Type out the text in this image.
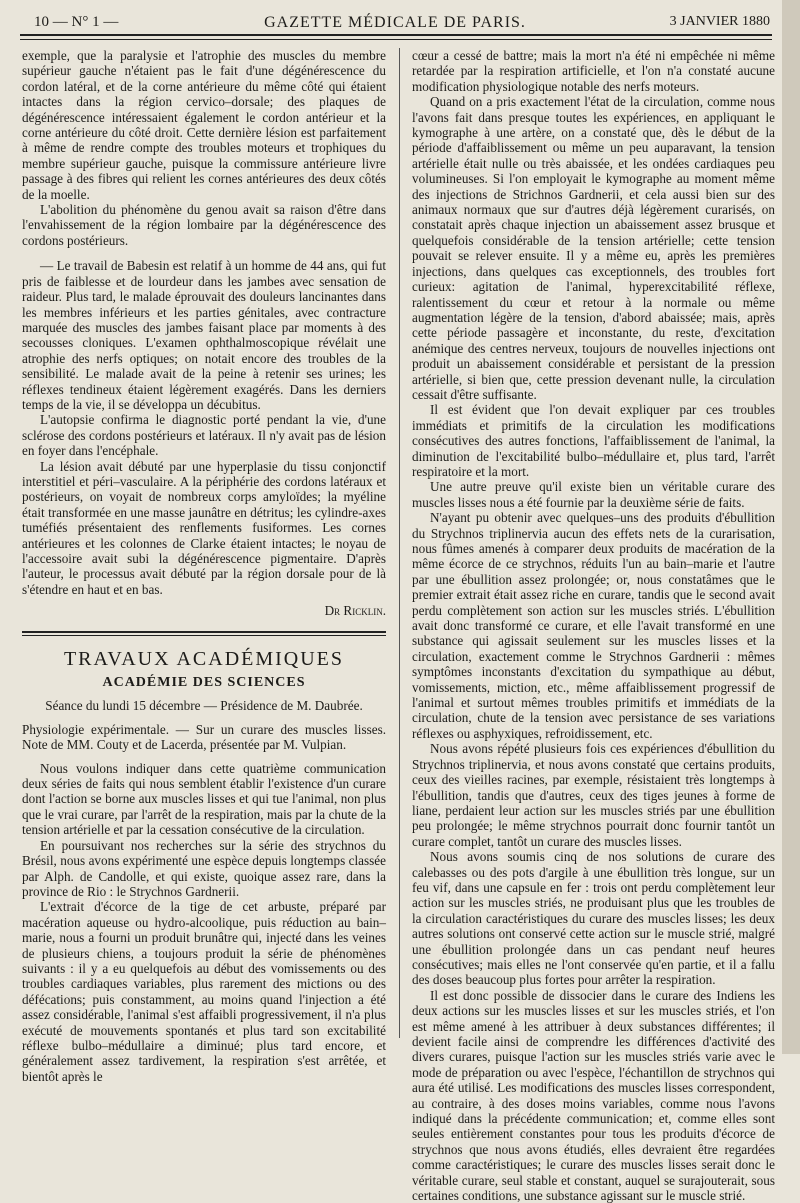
10 — N° 1 —	GAZETTE MÉDICALE DE PARIS.	3 JANVIER 1880

exemple, que la paralysie et l'atrophie des muscles du membre supérieur gauche n'étaient pas le fait d'une dégénérescence du cordon latéral, et de la corne antérieure du même côté qui étaient intactes dans la région cervico–dorsale; des plaques de dégénérescence intéressaient également le cordon antérieur et la corne antérieure du côté droit. Cette dernière lésion est parfaitement à même de rendre compte des troubles moteurs et trophiques du membre supérieur gauche, puisque la commissure antérieure livre passage à des fibres qui relient les cornes antérieures des deux côtés de la moelle.

L'abolition du phénomène du genou avait sa raison d'être dans l'envahissement de la région lombaire par la dégénérescence des cordons postérieurs.

— Le travail de Babesin est relatif à un homme de 44 ans, qui fut pris de faiblesse et de lourdeur dans les jambes avec sensation de raideur. Plus tard, le malade éprouvait des douleurs lancinantes dans les membres inférieurs et les parties génitales, avec contracture marquée des muscles des jambes faisant place par moments à des secousses cloniques. L'examen ophthalmoscopique révélait une atrophie des nerfs optiques; on notait encore des troubles de la sensibilité. Le malade avait de la peine à retenir ses urines; les réflexes tendineux étaient légèrement exagérés. Dans les derniers temps de la vie, il se développa un décubitus.

L'autopsie confirma le diagnostic porté pendant la vie, d'une sclérose des cordons postérieurs et latéraux. Il n'y avait pas de lésion en foyer dans l'encéphale.

La lésion avait débuté par une hyperplasie du tissu conjonctif interstitiel et péri–vasculaire. A la périphérie des cordons latéraux et postérieurs, on voyait de nombreux corps amyloïdes; la myéline était transformée en une masse jaunâtre en détritus; les cylindre-axes tuméfiés présentaient des renflements fusiformes. Les cornes antérieures et les colonnes de Clarke étaient intactes; le noyau de l'accessoire avait subi la dégénérescence pigmentaire. D'après l'auteur, le processus avait débuté par la région dorsale pour de là s'étendre en haut et en bas.

Dr Ricklin.
TRAVAUX ACADÉMIQUES
ACADÉMIE DES SCIENCES
Séance du lundi 15 décembre — Présidence de M. Daubrée.

Physiologie expérimentale. — Sur un curare des muscles lisses. Note de MM. Couty et de Lacerda, présentée par M. Vulpian.

Nous voulons indiquer dans cette quatrième communication deux séries de faits qui nous semblent établir l'existence d'un curare dont l'action se borne aux muscles lisses et qui tue l'animal, non plus que le vrai curare, par l'arrêt de la respiration, mais par la chute de la tension artérielle et par la cessation consécutive de la circulation.

En poursuivant nos recherches sur la série des strychnos du Brésil, nous avons expérimenté une espèce depuis longtemps classée par Alph. de Candolle, et qui existe, quoique assez rare, dans la province de Rio : le Strychnos Gardnerii.

L'extrait d'écorce de la tige de cet arbuste, préparé par macération aqueuse ou hydro-alcoolique, puis réduction au bain–marie, nous a fourni un produit brunâtre qui, injecté dans les veines de plusieurs chiens, a toujours produit la série de phénomènes suivants : il y a eu quelquefois au début des vomissements ou des troubles cardiaques variables, plus rarement des mictions ou des défécations; puis constamment, au moins quand l'injection a été assez considérable, l'animal s'est affaibli progressivement, il n'a plus exécuté de mouvements spontanés et plus tard son excitabilité réflexe bulbo–médullaire a diminué; plus tard encore, et généralement assez tardivement, la respiration s'est arrêtée, et bientôt après le

cœur a cessé de battre; mais la mort n'a été ni empêchée ni même retardée par la respiration artificielle, et l'on n'a constaté aucune modification physiologique notable des nerfs moteurs.

Quand on a pris exactement l'état de la circulation, comme nous l'avons fait dans presque toutes les expériences, en appliquant le kymographe à une artère, on a constaté que, dès le début de la période d'affaiblissement ou même un peu auparavant, la tension artérielle était nulle ou très abaissée, et les ondées cardiaques peu volumineuses. Si l'on employait le kymographe au moment même des injections de Strichnos Gardnerii, et cela aussi bien sur des animaux normaux que sur d'autres déjà légèrement curarisés, on constatait après chaque injection un abaissement assez brusque et quelquefois considérable de la tension artérielle; cette tension pouvait se relever ensuite. Il y a même eu, après les premières injections, dans quelques cas exceptionnels, des troubles fort curieux: agitation de l'animal, hyperexcitabilité réflexe, ralentissement du cœur et retour à la normale ou même augmentation légère de la tension, d'abord abaissée; mais, après cette période passagère et inconstante, du reste, d'excitation anémique des centres nerveux, toujours de nouvelles injections ont produit un abaissement considérable et persistant de la pression artérielle, si bien que, cette pression devenant nulle, la circulation cessait d'être suffisante.

Il est évident que l'on devait expliquer par ces troubles immédiats et primitifs de la circulation les modifications consécutives des autres fonctions, l'affaiblissement de l'animal, la diminution de l'excitabilité bulbo–médullaire et, plus tard, l'arrêt respiratoire et la mort.

Une autre preuve qu'il existe bien un véritable curare des muscles lisses nous a été fournie par la deuxième série de faits.

N'ayant pu obtenir avec quelques–uns des produits d'ébullition du Strychnos triplinervia aucun des effets nets de la curarisation, nous fûmes amenés à comparer deux produits de macération de la même écorce de ce strychnos, réduits l'un au bain–marie et l'autre par une ébullition assez prolongée; or, nous constatâmes que le premier extrait était assez riche en curare, tandis que le second avait perdu complètement son action sur les muscles striés. L'ébullition avait donc transformé ce curare, et elle l'avait transformé en une substance qui agissait seulement sur les muscles lisses et la circulation, exactement comme le Strychnos Gardnerii : mêmes symptômes inconstants d'excitation du sympathique au début, vomissements, miction, etc., même affaiblissement progressif de l'animal et surtout mêmes troubles primitifs et immédiats de la circulation, chute de la tension avec persistance de ses variations réflexes ou asphyxiques, refroidissement, etc.

Nous avons répété plusieurs fois ces expériences d'ébullition du Strychnos triplinervia, et nous avons constaté que certains produits, ceux des vieilles racines, par exemple, résistaient très longtemps à l'ébullition, tandis que d'autres, ceux des tiges jeunes à forme de liane, perdaient leur action sur les muscles striés par une ébullition peu prolongée; le même strychnos pourrait donc fournir tantôt un curare complet, tantôt un curare des muscles lisses.

Nous avons soumis cinq de nos solutions de curare des calebasses ou des pots d'argile à une ébullition très longue, sur un feu vif, dans une capsule en fer : trois ont perdu complètement leur action sur les muscles striés, ne produisant plus que les troubles de la circulation caractéristiques du curare des muscles lisses; les deux autres solutions ont conservé cette action sur le muscle strié, malgré une ébullition prolongée dans un cas pendant neuf heures consécutives; mais elles ne l'ont conservée qu'en partie, et il a fallu des doses beaucoup plus fortes pour arrêter la respiration.

Il est donc possible de dissocier dans le curare des Indiens les deux actions sur les muscles lisses et sur les muscles striés, et l'on est même amené à les attribuer à deux substances différentes; il devient facile ainsi de comprendre les différences d'activité des divers curares, puisque l'action sur les muscles striés varie avec le mode de préparation ou avec l'espèce, l'échantillon de strychnos qui aura été utilisé. Les modifications des muscles lisses correspondent, au contraire, à des doses moins variables, comme nous l'avons indiqué dans la précédente communication; et, comme elles sont seules entièrement constantes pour tous les produits d'écorce de strychnos que nous avons étudiés, elles devraient être regardées comme caractéristiques; le curare des muscles lisses serait donc le véritable curare, seul stable et constant, auquel se surajouterait, sous certaines conditions, une substance agissant sur le muscle strié.
